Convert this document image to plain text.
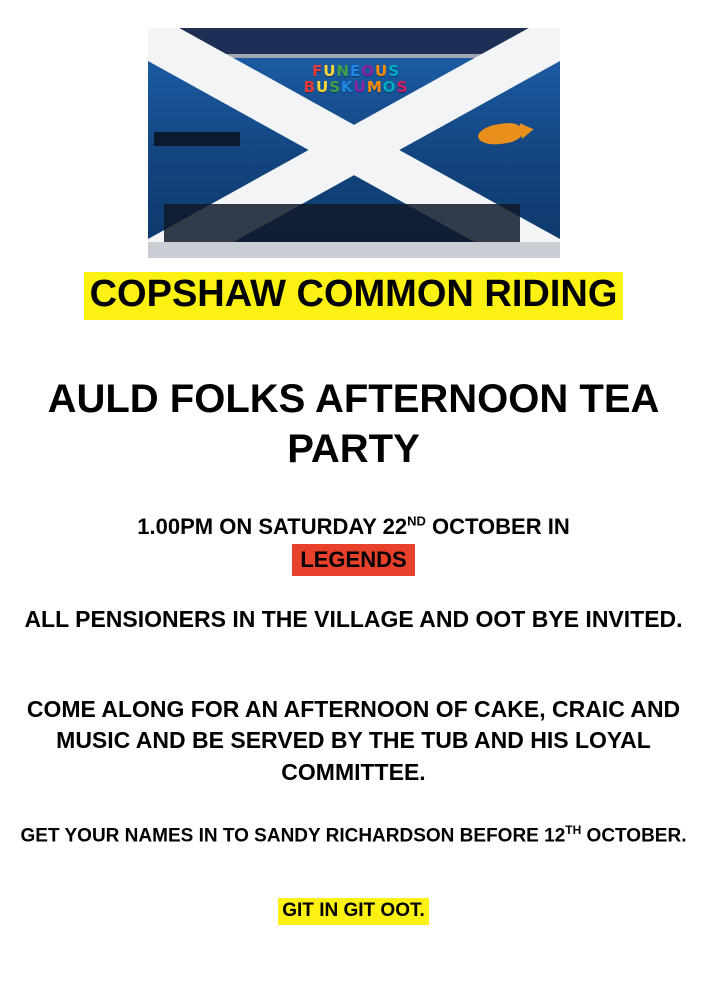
FUNEOUS
BUSKUMOS
COPSHAW COMMON RIDING
AULD FOLKS AFTERNOON TEA PARTY
1.00PM ON SATURDAY 22ND OCTOBER IN
LEGENDS
ALL PENSIONERS IN THE VILLAGE AND OOT BYE INVITED.
COME ALONG FOR AN AFTERNOON OF CAKE, CRAIC AND MUSIC AND BE SERVED BY THE TUB AND HIS LOYAL COMMITTEE.
GET YOUR NAMES IN TO SANDY RICHARDSON BEFORE 12TH OCTOBER.
GIT IN GIT OOT.
